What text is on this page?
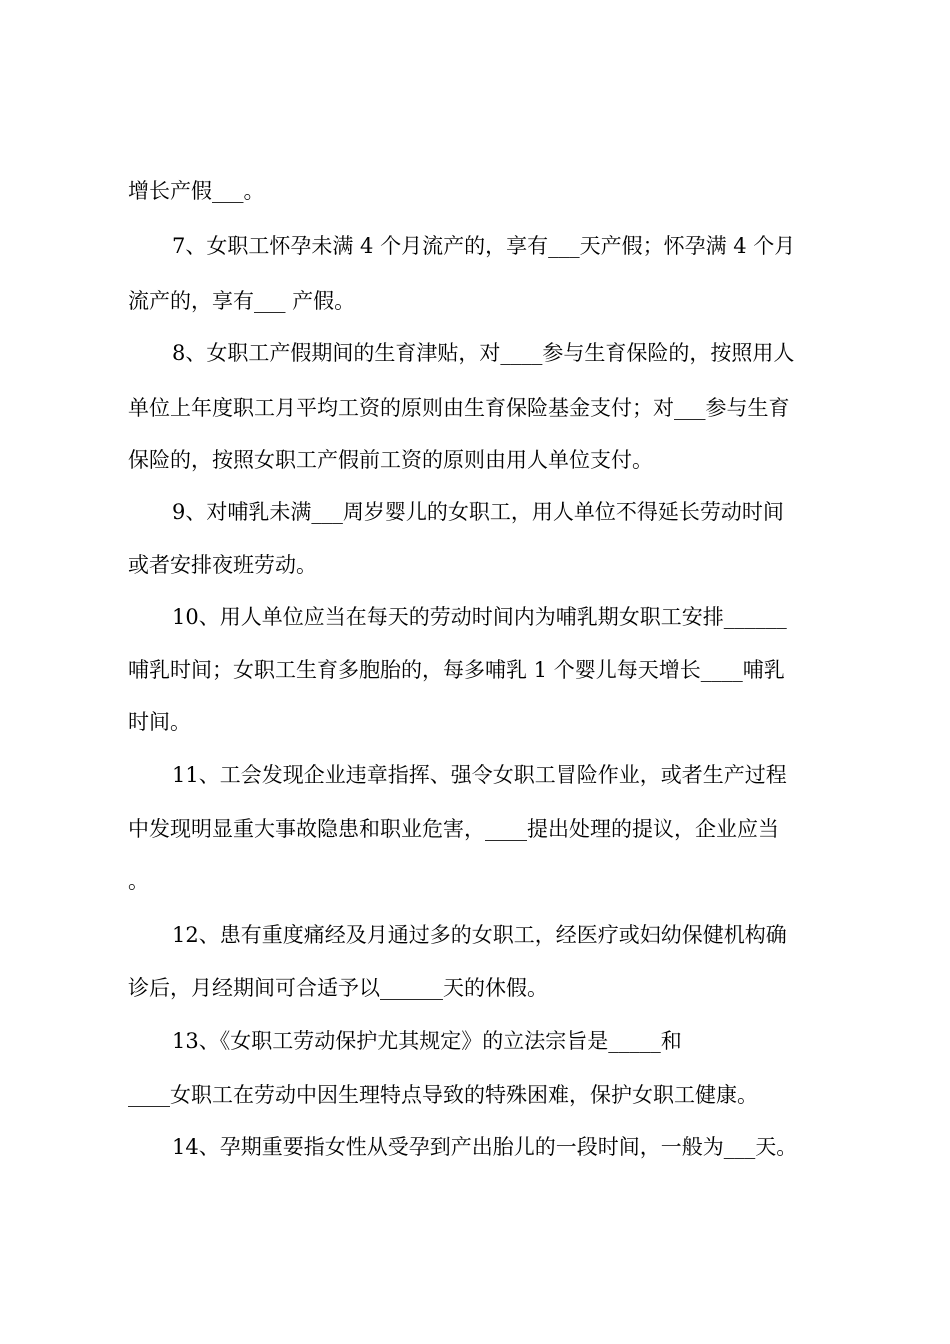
增长产假___。
7、女职工怀孕未满 4 个月流产的，享有___天产假；怀孕满 4 个月
流产的，享有___ 产假。
8、女职工产假期间的生育津贴，对____参与生育保险的，按照用人
单位上年度职工月平均工资的原则由生育保险基金支付；对___参与生育
保险的，按照女职工产假前工资的原则由用人单位支付。
9、对哺乳未满___周岁婴儿的女职工，用人单位不得延长劳动时间
或者安排夜班劳动。
10、用人单位应当在每天的劳动时间内为哺乳期女职工安排______
哺乳时间；女职工生育多胞胎的，每多哺乳 1 个婴儿每天增长____哺乳
时间。
11、工会发现企业违章指挥、强令女职工冒险作业，或者生产过程
中发现明显重大事故隐患和职业危害，____提出处理的提议，企业应当
。
12、患有重度痛经及月通过多的女职工，经医疗或妇幼保健机构确
诊后，月经期间可合适予以______天的休假。
13、《女职工劳动保护尤其规定》的立法宗旨是_____和
____女职工在劳动中因生理特点导致的特殊困难，保护女职工健康。
14、孕期重要指女性从受孕到产出胎儿的一段时间，一般为___天。
